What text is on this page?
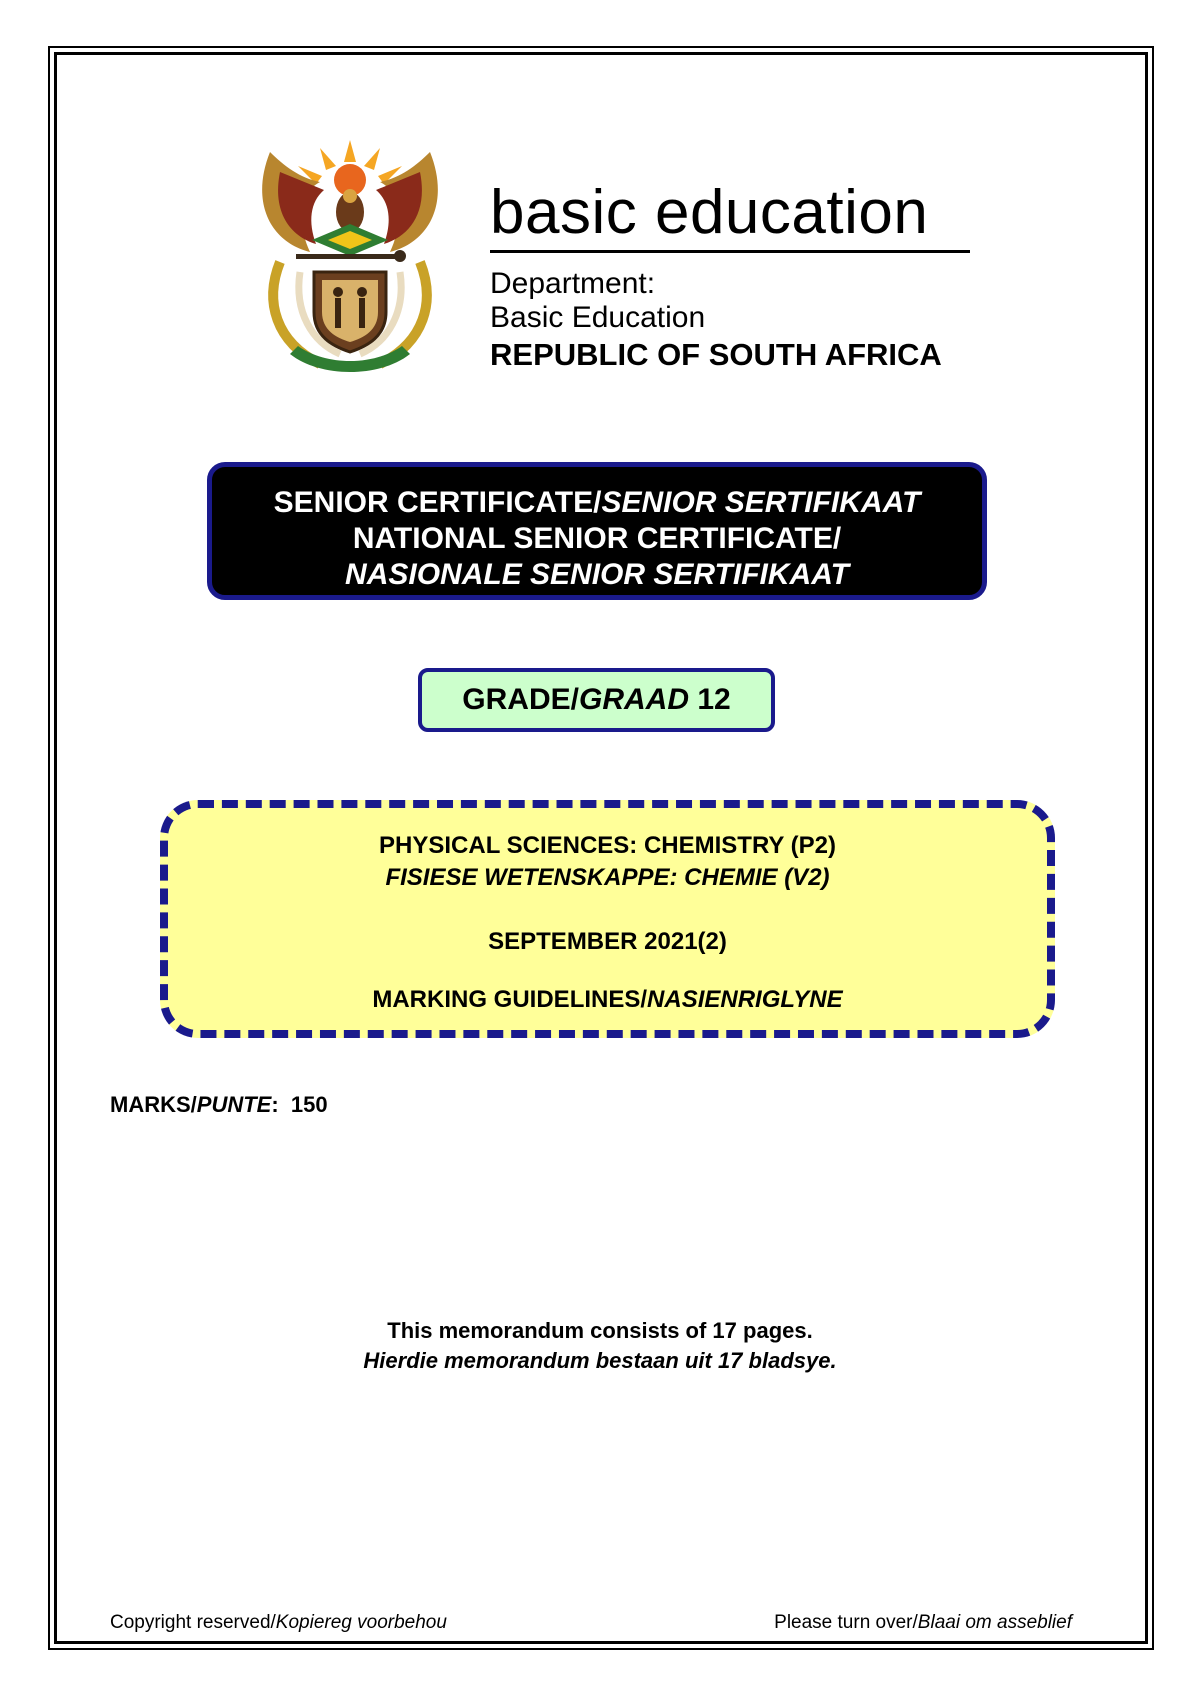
basic education
Department:
Basic Education
REPUBLIC OF SOUTH AFRICA
SENIOR CERTIFICATE/SENIOR SERTIFIKAAT
NATIONAL SENIOR CERTIFICATE/
NASIONALE SENIOR SERTIFIKAAT
GRADE/GRAAD 12
PHYSICAL SCIENCES: CHEMISTRY (P2)
FISIESE WETENSKAPPE: CHEMIE (V2)
SEPTEMBER 2021(2)
MARKING GUIDELINES/NASIENRIGLYNE
MARKS/PUNTE:  150
This memorandum consists of 17 pages.
Hierdie memorandum bestaan uit 17 bladsye.
Copyright reserved/Kopiereg voorbehou	Please turn over/Blaai om asseblief
